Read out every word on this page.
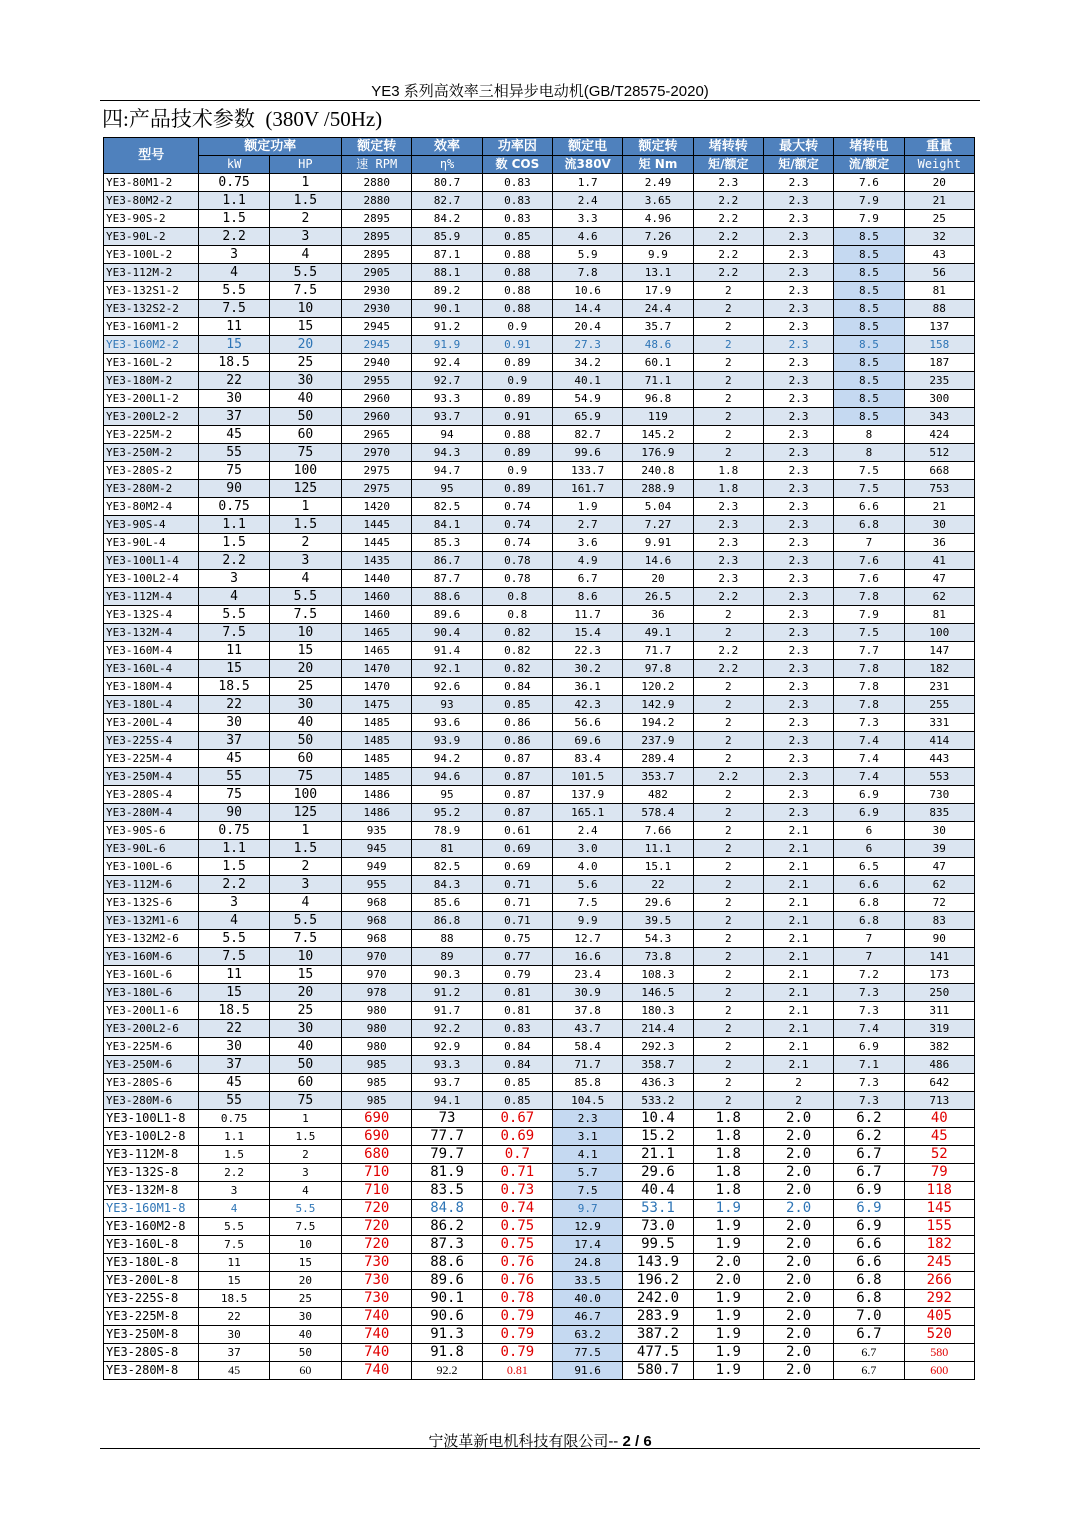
YE3 系列高效率三相异步电动机(GB/T28575-2020)
四:产品技术参数  (380V /50Hz)
型号	额定功率		额定转	效率	功率因	额定电	额定转	堵转转	最大转	堵转电	重量
	kW	HP	速 RPM	η%	数 COS	流380V	矩 Nm	矩/额定	矩/额定	流/额定	Weight
YE3-80M1-2	0.75	1	2880	80.7	0.83	1.7	2.49	2.3	2.3	7.6	20
YE3-80M2-2	1.1	1.5	2880	82.7	0.83	2.4	3.65	2.2	2.3	7.9	21
YE3-90S-2	1.5	2	2895	84.2	0.83	3.3	4.96	2.2	2.3	7.9	25
YE3-90L-2	2.2	3	2895	85.9	0.85	4.6	7.26	2.2	2.3	8.5	32
YE3-100L-2	3	4	2895	87.1	0.88	5.9	9.9	2.2	2.3	8.5	43
YE3-112M-2	4	5.5	2905	88.1	0.88	7.8	13.1	2.2	2.3	8.5	56
YE3-132S1-2	5.5	7.5	2930	89.2	0.88	10.6	17.9	2	2.3	8.5	81
YE3-132S2-2	7.5	10	2930	90.1	0.88	14.4	24.4	2	2.3	8.5	88
YE3-160M1-2	11	15	2945	91.2	0.9	20.4	35.7	2	2.3	8.5	137
YE3-160M2-2	15	20	2945	91.9	0.91	27.3	48.6	2	2.3	8.5	158
YE3-160L-2	18.5	25	2940	92.4	0.89	34.2	60.1	2	2.3	8.5	187
YE3-180M-2	22	30	2955	92.7	0.9	40.1	71.1	2	2.3	8.5	235
YE3-200L1-2	30	40	2960	93.3	0.89	54.9	96.8	2	2.3	8.5	300
YE3-200L2-2	37	50	2960	93.7	0.91	65.9	119	2	2.3	8.5	343
YE3-225M-2	45	60	2965	94	0.88	82.7	145.2	2	2.3	8	424
YE3-250M-2	55	75	2970	94.3	0.89	99.6	176.9	2	2.3	8	512
YE3-280S-2	75	100	2975	94.7	0.9	133.7	240.8	1.8	2.3	7.5	668
YE3-280M-2	90	125	2975	95	0.89	161.7	288.9	1.8	2.3	7.5	753
YE3-80M2-4	0.75	1	1420	82.5	0.74	1.9	5.04	2.3	2.3	6.6	21
YE3-90S-4	1.1	1.5	1445	84.1	0.74	2.7	7.27	2.3	2.3	6.8	30
YE3-90L-4	1.5	2	1445	85.3	0.74	3.6	9.91	2.3	2.3	7	36
YE3-100L1-4	2.2	3	1435	86.7	0.78	4.9	14.6	2.3	2.3	7.6	41
YE3-100L2-4	3	4	1440	87.7	0.78	6.7	20	2.3	2.3	7.6	47
YE3-112M-4	4	5.5	1460	88.6	0.8	8.6	26.5	2.2	2.3	7.8	62
YE3-132S-4	5.5	7.5	1460	89.6	0.8	11.7	36	2	2.3	7.9	81
YE3-132M-4	7.5	10	1465	90.4	0.82	15.4	49.1	2	2.3	7.5	100
YE3-160M-4	11	15	1465	91.4	0.82	22.3	71.7	2.2	2.3	7.7	147
YE3-160L-4	15	20	1470	92.1	0.82	30.2	97.8	2.2	2.3	7.8	182
YE3-180M-4	18.5	25	1470	92.6	0.84	36.1	120.2	2	2.3	7.8	231
YE3-180L-4	22	30	1475	93	0.85	42.3	142.9	2	2.3	7.8	255
YE3-200L-4	30	40	1485	93.6	0.86	56.6	194.2	2	2.3	7.3	331
YE3-225S-4	37	50	1485	93.9	0.86	69.6	237.9	2	2.3	7.4	414
YE3-225M-4	45	60	1485	94.2	0.87	83.4	289.4	2	2.3	7.4	443
YE3-250M-4	55	75	1485	94.6	0.87	101.5	353.7	2.2	2.3	7.4	553
YE3-280S-4	75	100	1486	95	0.87	137.9	482	2	2.3	6.9	730
YE3-280M-4	90	125	1486	95.2	0.87	165.1	578.4	2	2.3	6.9	835
YE3-90S-6	0.75	1	935	78.9	0.61	2.4	7.66	2	2.1	6	30
YE3-90L-6	1.1	1.5	945	81	0.69	3.0	11.1	2	2.1	6	39
YE3-100L-6	1.5	2	949	82.5	0.69	4.0	15.1	2	2.1	6.5	47
YE3-112M-6	2.2	3	955	84.3	0.71	5.6	22	2	2.1	6.6	62
YE3-132S-6	3	4	968	85.6	0.71	7.5	29.6	2	2.1	6.8	72
YE3-132M1-6	4	5.5	968	86.8	0.71	9.9	39.5	2	2.1	6.8	83
YE3-132M2-6	5.5	7.5	968	88	0.75	12.7	54.3	2	2.1	7	90
YE3-160M-6	7.5	10	970	89	0.77	16.6	73.8	2	2.1	7	141
YE3-160L-6	11	15	970	90.3	0.79	23.4	108.3	2	2.1	7.2	173
YE3-180L-6	15	20	978	91.2	0.81	30.9	146.5	2	2.1	7.3	250
YE3-200L1-6	18.5	25	980	91.7	0.81	37.8	180.3	2	2.1	7.3	311
YE3-200L2-6	22	30	980	92.2	0.83	43.7	214.4	2	2.1	7.4	319
YE3-225M-6	30	40	980	92.9	0.84	58.4	292.3	2	2.1	6.9	382
YE3-250M-6	37	50	985	93.3	0.84	71.7	358.7	2	2.1	7.1	486
YE3-280S-6	45	60	985	93.7	0.85	85.8	436.3	2	2	7.3	642
YE3-280M-6	55	75	985	94.1	0.85	104.5	533.2	2	2	7.3	713
YE3-100L1-8	0.75	1	690	73	0.67	2.3	10.4	1.8	2.0	6.2	40
YE3-100L2-8	1.1	1.5	690	77.7	0.69	3.1	15.2	1.8	2.0	6.2	45
YE3-112M-8	1.5	2	680	79.7	0.7	4.1	21.1	1.8	2.0	6.7	52
YE3-132S-8	2.2	3	710	81.9	0.71	5.7	29.6	1.8	2.0	6.7	79
YE3-132M-8	3	4	710	83.5	0.73	7.5	40.4	1.8	2.0	6.9	118
YE3-160M1-8	4	5.5	720	84.8	0.74	9.7	53.1	1.9	2.0	6.9	145
YE3-160M2-8	5.5	7.5	720	86.2	0.75	12.9	73.0	1.9	2.0	6.9	155
YE3-160L-8	7.5	10	720	87.3	0.75	17.4	99.5	1.9	2.0	6.6	182
YE3-180L-8	11	15	730	88.6	0.76	24.8	143.9	2.0	2.0	6.6	245
YE3-200L-8	15	20	730	89.6	0.76	33.5	196.2	2.0	2.0	6.8	266
YE3-225S-8	18.5	25	730	90.1	0.78	40.0	242.0	1.9	2.0	6.8	292
YE3-225M-8	22	30	740	90.6	0.79	46.7	283.9	1.9	2.0	7.0	405
YE3-250M-8	30	40	740	91.3	0.79	63.2	387.2	1.9	2.0	6.7	520
YE3-280S-8	37	50	740	91.8	0.79	77.5	477.5	1.9	2.0	6.7	580
YE3-280M-8	45	60	740	92.2	0.81	91.6	580.7	1.9	2.0	6.7	600
宁波革新电机科技有限公司-- 2 / 6
